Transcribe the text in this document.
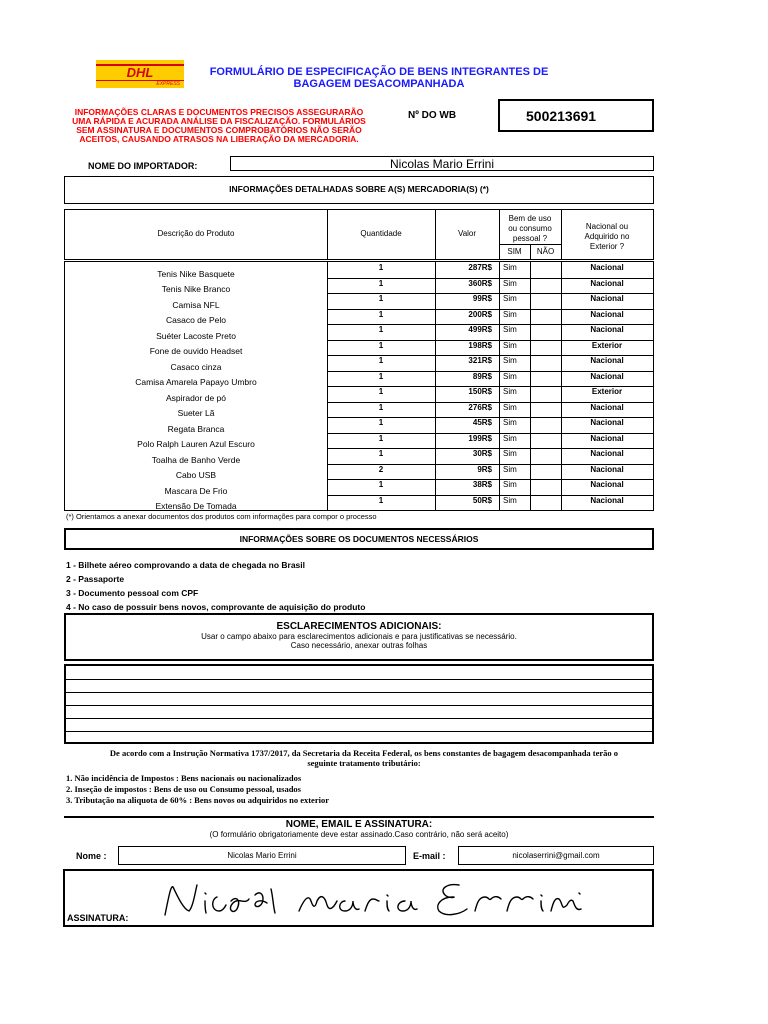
DHL
EXPRESS
FORMULÁRIO DE ESPECIFICAÇÃO DE BENS INTEGRANTES DE
BAGAGEM DESACOMPANHADA
INFORMAÇÕES CLARAS E DOCUMENTOS PRECISOS ASSEGURARÃO
UMA RÁPIDA E ACURADA ANÁLISE DA FISCALIZAÇÃO. FORMULÁRIOS
SEM ASSINATURA E DOCUMENTOS COMPROBATÓRIOS NÃO SERÃO
ACEITOS, CAUSANDO ATRASOS NA LIBERAÇÃO DA MERCADORIA.
Nº DO WB	500213691
NOME DO IMPORTADOR:	Nicolas Mario Errini
INFORMAÇÕES DETALHADAS SOBRE A(S) MERCADORIA(S) (*)
Descrição do Produto	Quantidade	Valor
Bem de uso
ou consumo
pessoal ?
SIM	NÃO
Nacional ou
Adquirido no
Exterior ?
Tenis Nike Basquete
1	287R$ Sim	Nacional
Tenis Nike Branco
1	360R$ Sim	Nacional
Camisa NFL
1	99R$ Sim	Nacional
Casaco de Pelo
1	200R$ Sim	Nacional
Suéter Lacoste Preto
1	499R$ Sim	Nacional
Fone de ouvido Headset
1	198R$ Sim	Exterior
Casaco cinza
1	321R$ Sim	Nacional
Camisa Amarela Papayo Umbro
1	89R$ Sim	Nacional
Aspirador de pó
1	150R$ Sim	Exterior
Sueter Lã
1	276R$ Sim	Nacional
Regata Branca
1	45R$ Sim	Nacional
Polo Ralph Lauren Azul Escuro
1	199R$ Sim	Nacional
Toalha de Banho Verde
1	30R$ Sim	Nacional
Cabo USB
2	9R$ Sim	Nacional
Mascara De Frio
1	38R$ Sim	Nacional
Extensão De Tomada
1	50R$ Sim	Nacional
(*) Orientamos a anexar documentos dos produtos com informações para compor o processo
INFORMAÇÕES SOBRE OS DOCUMENTOS NECESSÁRIOS
1 - Bilhete aéreo comprovando a data de chegada no Brasil
2 - Passaporte
3 - Documento pessoal com CPF
4 - No caso de possuir bens novos, comprovante de aquisição do produto
ESCLARECIMENTOS ADICIONAIS:
Usar o campo abaixo para esclarecimentos adicionais e para justificativas se necessário.
Caso necessário, anexar outras folhas
De acordo com a Instrução Normativa 1737/2017, da Secretaria da Receita Federal, os bens constantes de bagagem desacompanhada terão o
seguinte tratamento tributário:
1. Não incidência de Impostos : Bens nacionais ou nacionalizados
2. Inseção de impostos : Bens de uso ou Consumo pessoal, usados
3. Tributação na aliquota de 60% : Bens novos ou adquiridos no exterior
NOME, EMAIL E ASSINATURA:
(O formulário obrigatoriamente deve estar assinado.Caso contrário, não será aceito)
Nome :	Nicolas Mario Errini	E-mail :	nicolaserrini@gmail.com
ASSINATURA:
